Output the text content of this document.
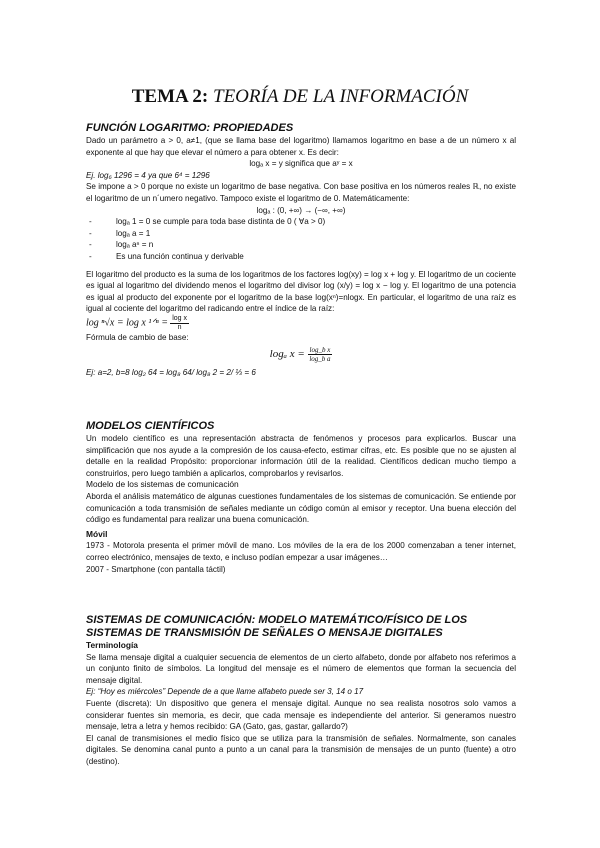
TEMA 2: TEORÍA DE LA INFORMACIÓN
FUNCIÓN LOGARITMO: PROPIEDADES

Dado un parámetro a > 0, a≠1, (que se llama base del logaritmo) llamamos logaritmo en base a de un número x al exponente al que hay que elevar el número a para obtener x. Es decir:

logₐ x = y significa que aʸ = x

Ej. log₆ 1296 = 4 ya que 6⁴ = 1296

Se impone a > 0 porque no existe un logaritmo de base negativa. Con base positiva en los números reales ℝ, no existe el logaritmo de un n´umero negativo. Tampoco existe el logaritmo de 0. Matemáticamente:

logₐ : (0, +∞) → (−∞, +∞)

- logₐ 1 = 0 se cumple para toda base distinta de 0 ( ∀a > 0)
- logₐ a = 1
- logₐ aⁿ = n
- Es una función continua y derivable

El logaritmo del producto es la suma de los logaritmos de los factores log(xy) = log x + log y. El logaritmo de un cociente es igual al logaritmo del dividendo menos el logaritmo del divisor log (x/y) = log x − log y. El logaritmo de una potencia es igual al producto del exponente por el logaritmo de la base log(xⁿ)=nlogx. En particular, el logaritmo de una raíz es igual al cociente del logaritmo del radicando entre el índice de la raíz:

log ⁿ√x = log x ¹ᐟⁿ = $\frac{\text{log x}}{n}$

Fórmula de cambio de base:

logₐ $x = \frac{\text{log\_b x}}{\text{log\_b a}}$

Ej: a=2, b=8 log₂ 64 = log₈ 64/ log₈ 2 = 2/ ⅓ = 6

MODELOS CIENTÍFICOS

Un modelo científico es una representación abstracta de fenómenos y procesos para explicarlos. Buscar una simplificación que nos ayude a la compresión de los causa-efecto, estimar cifras, etc. Es posible que no se ajusten al detalle en la realidad Propósito: proporcionar información útil de la realidad. Científicos dedican mucho tiempo a construirlos, pero luego también a aplicarlos, comprobarlos y revisarlos.

Modelo de los sistemas de comunicación

Aborda el análisis matemático de algunas cuestiones fundamentales de los sistemas de comunicación. Se entiende por comunicación a toda transmisión de señales mediante un código común al emisor y receptor. Una buena elección del código es fundamental para realizar una buena comunicación.

Móvil

1973 - Motorola presenta el primer móvil de mano. Los móviles de la era de los 2000 comenzaban a tener internet, correo electrónico, mensajes de texto, e incluso podían empezar a usar imágenes…

2007 - Smartphone (con pantalla táctil)

SISTEMAS DE COMUNICACIÓN: MODELO MATEMÁTICO/FÍSICO DE LOS SISTEMAS DE TRANSMISIÓN DE SEÑALES O MENSAJE DIGITALES
Terminología

Se llama mensaje digital a cualquier secuencia de elementos de un cierto alfabeto, donde por alfabeto nos referimos a un conjunto finito de símbolos. La longitud del mensaje es el número de elementos que forman la secuencia del mensaje digital.

Ej: “Hoy es miércoles” Depende de a que llame alfabeto puede ser 3, 14 o 17

Fuente (discreta): Un dispositivo que genera el mensaje digital. Aunque no sea realista nosotros solo vamos a considerar fuentes sin memoria, es decir, que cada mensaje es independiente del anterior. Si generamos nuestro mensaje, letra a letra y hemos recibido: GA (Gato, gas, gastar, gallardo?)

El canal de transmisiones el medio físico que se utiliza para la transmisión de señales. Normalmente, son canales digitales. Se denomina canal punto a punto a un canal para la transmisión de mensajes de un punto (fuente) a otro (destino).
